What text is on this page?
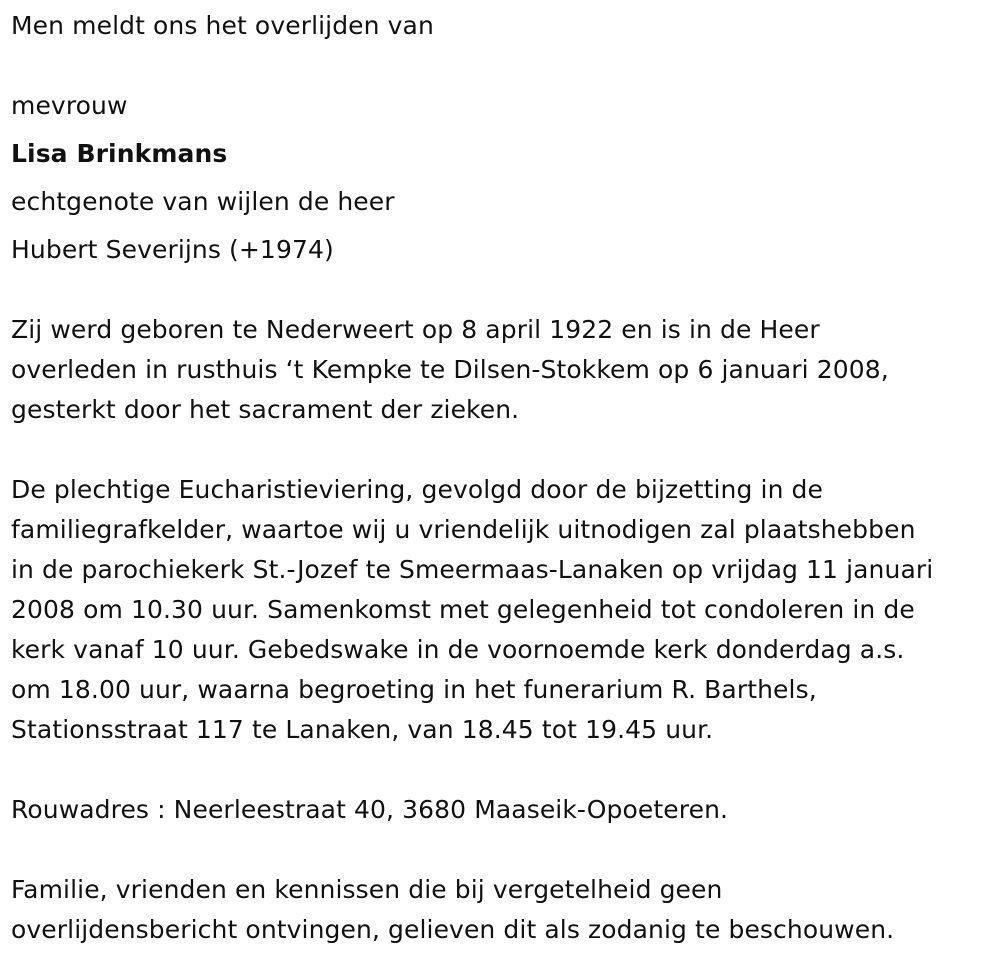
Men meldt ons het overlijden van
mevrouw
Lisa Brinkmans
echtgenote van wijlen de heer
Hubert Severijns (+1974)
Zij werd geboren te Nederweert op 8 april 1922 en is in de Heer
overleden in rusthuis ‘t Kempke te Dilsen-Stokkem op 6 januari 2008,
gesterkt door het sacrament der zieken.
De plechtige Eucharistieviering, gevolgd door de bijzetting in de
familiegrafkelder, waartoe wij u vriendelijk uitnodigen zal plaatshebben
in de parochiekerk St.-Jozef te Smeermaas-Lanaken op vrijdag 11 januari
2008 om 10.30 uur. Samenkomst met gelegenheid tot condoleren in de
kerk vanaf 10 uur. Gebedswake in de voornoemde kerk donderdag a.s.
om 18.00 uur, waarna begroeting in het funerarium R. Barthels,
Stationsstraat 117 te Lanaken, van 18.45 tot 19.45 uur.
Rouwadres : Neerleestraat 40, 3680 Maaseik-Opoeteren.
Familie, vrienden en kennissen die bij vergetelheid geen
overlijdensbericht ontvingen, gelieven dit als zodanig te beschouwen.
